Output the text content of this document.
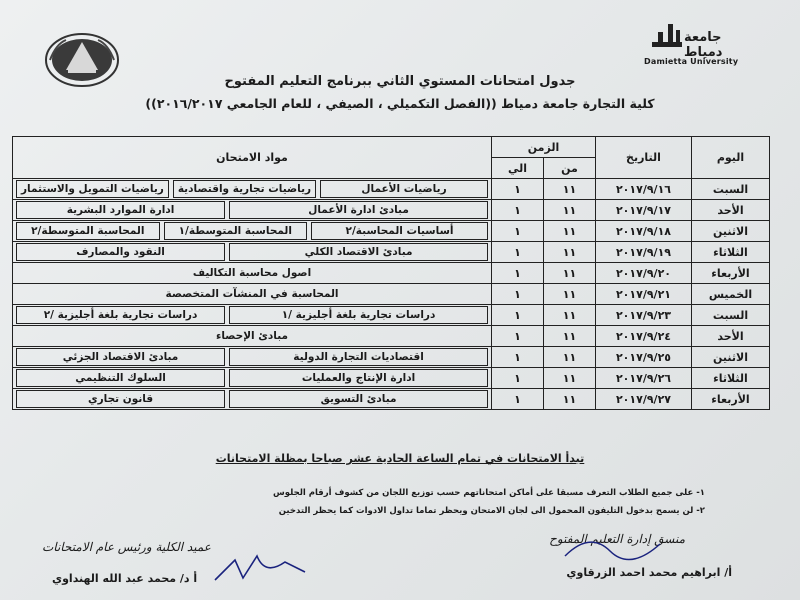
جامعة دمياط
Damietta University
جدول امتحانات المستوي الثاني ببرنامج التعليم المفتوح
كلية التجارة جامعة دمياط ((الفصل التكميلي ، الصيفي ، للعام الجامعي ٢٠١٦/٢٠١٧))
اليوم	التاريخ	الزمن		مواد الامتحان
		من	الي	
السبت	٢٠١٧/٩/١٦	١١	١	رياضيات الأعمال
رياضيات تجارية واقتصادية
رياضيات التمويل والاستثمار

الأحد	٢٠١٧/٩/١٧	١١	١	مبادئ ادارة الأعمال
ادارة الموارد البشرية

الاثنين	٢٠١٧/٩/١٨	١١	١	أساسيات المحاسبة/٢
المحاسبة المتوسطة/١
المحاسبة المتوسطة/٢

الثلاثاء	٢٠١٧/٩/١٩	١١	١	مبادئ الاقتصاد الكلي
النقود والمصارف

الأربعاء	٢٠١٧/٩/٢٠	١١	١	اصول محاسبة التكاليف

الخميس	٢٠١٧/٩/٢١	١١	١	المحاسبة في المنشآت المتخصصة

السبت	٢٠١٧/٩/٢٣	١١	١	دراسات تجارية بلغة أجليزية /١
دراسات تجارية بلغة أجليزية /٢

الأحد	٢٠١٧/٩/٢٤	١١	١	مبادئ الإحصاء

الاثنين	٢٠١٧/٩/٢٥	١١	١	اقتصاديات التجارة الدولية
مبادئ الاقتصاد الجزئي

الثلاثاء	٢٠١٧/٩/٢٦	١١	١	ادارة الإنتاج والعمليات
السلوك التنظيمي

الأربعاء	٢٠١٧/٩/٢٧	١١	١	مبادئ التسويق
قانون تجاري
تبدأ الامتحانات في تمام الساعة الحادية عشر صباحا بمظلة الامتحانات
١- على جميع الطلاب التعرف مسبقا على أماكن امتحاناتهم حسب توزيع اللجان من كشوف أرقام الجلوس
٢- لن يسمح بدخول التليفون المحمول الى لجان الامتحان ويحظر تماما تداول الادوات كما يحظر التدخين
منسق إدارة التعليم المفتوح
أ/ ابراهيم محمد احمد الزرقاوي
عميد الكلية ورئيس عام الامتحانات
أ د/ محمد عبد الله الهنداوي
